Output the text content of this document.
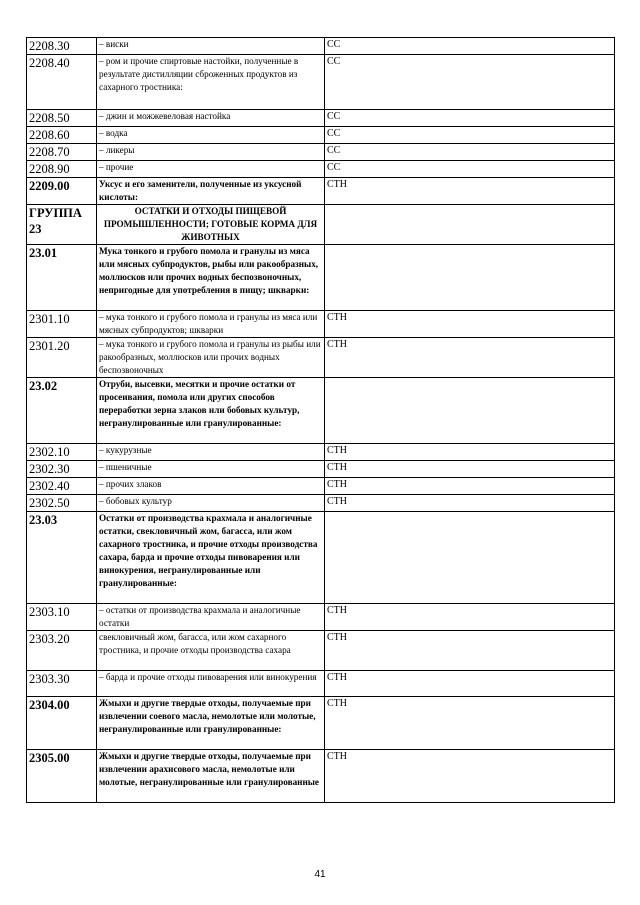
2208.30	– виски	СС
2208.40	– ром и прочие спиртовые настойки, полученные в результате дистилляции сброженных продуктов из сахарного тростника:	СС
2208.50	– джин и можжевеловая настойка	СС
2208.60	– водка	СС
2208.70	– ликеры	СС
2208.90	– прочие	СС
2209.00	Уксус и его заменители, полученные из уксусной кислоты:	СТН
ГРУППА 23	ОСТАТКИ И ОТХОДЫ ПИЩЕВОЙ ПРОМЫШЛЕННОСТИ; ГОТОВЫЕ КОРМА ДЛЯ ЖИВОТНЫХ	
23.01	Мука тонкого и грубого помола и гранулы из мяса или мясных субпродуктов, рыбы или ракообразных, моллюсков или прочих водных беспозвоночных, непригодные для употребления в пищу; шкварки:	
2301.10	– мука тонкого и грубого помола и гранулы из мяса или мясных субпродуктов; шкварки	СТН
2301.20	– мука тонкого и грубого помола и гранулы из рыбы или ракообразных, моллюсков или прочих водных беспозвоночных	СТН
23.02	Отруби, высевки, месятки и прочие остатки от просеивания, помола или других способов переработки зерна злаков или бобовых культур, негранулированные или гранулированные:	
2302.10	– кукурузные	СТН
2302.30	– пшеничные	СТН
2302.40	– прочих злаков	СТН
2302.50	– бобовых культур	СТН
23.03	Остатки от производства крахмала и аналогичные остатки, свекловичный жом, багасса, или жом сахарного тростника, и прочие отходы производства сахара, барда и прочие отходы пивоварения или винокурения, негранулированные или гранулированные:	
2303.10	– остатки от производства крахмала и аналогичные остатки	СТН
2303.20	свекловичный жом, багасса, или жом сахарного тростника, и прочие отходы производства сахара	СТН
2303.30	– барда и прочие отходы пивоварения или винокурения	СТН
2304.00	Жмыхи и другие твердые отходы, получаемые при извлечении соевого масла, немолотые или молотые, негранулированные или гранулированные:	СТН
2305.00	Жмыхи и другие твердые отходы, получаемые при извлечении арахисового масла, немолотые или молотые, негранулированные или гранулированные	СТН
41
